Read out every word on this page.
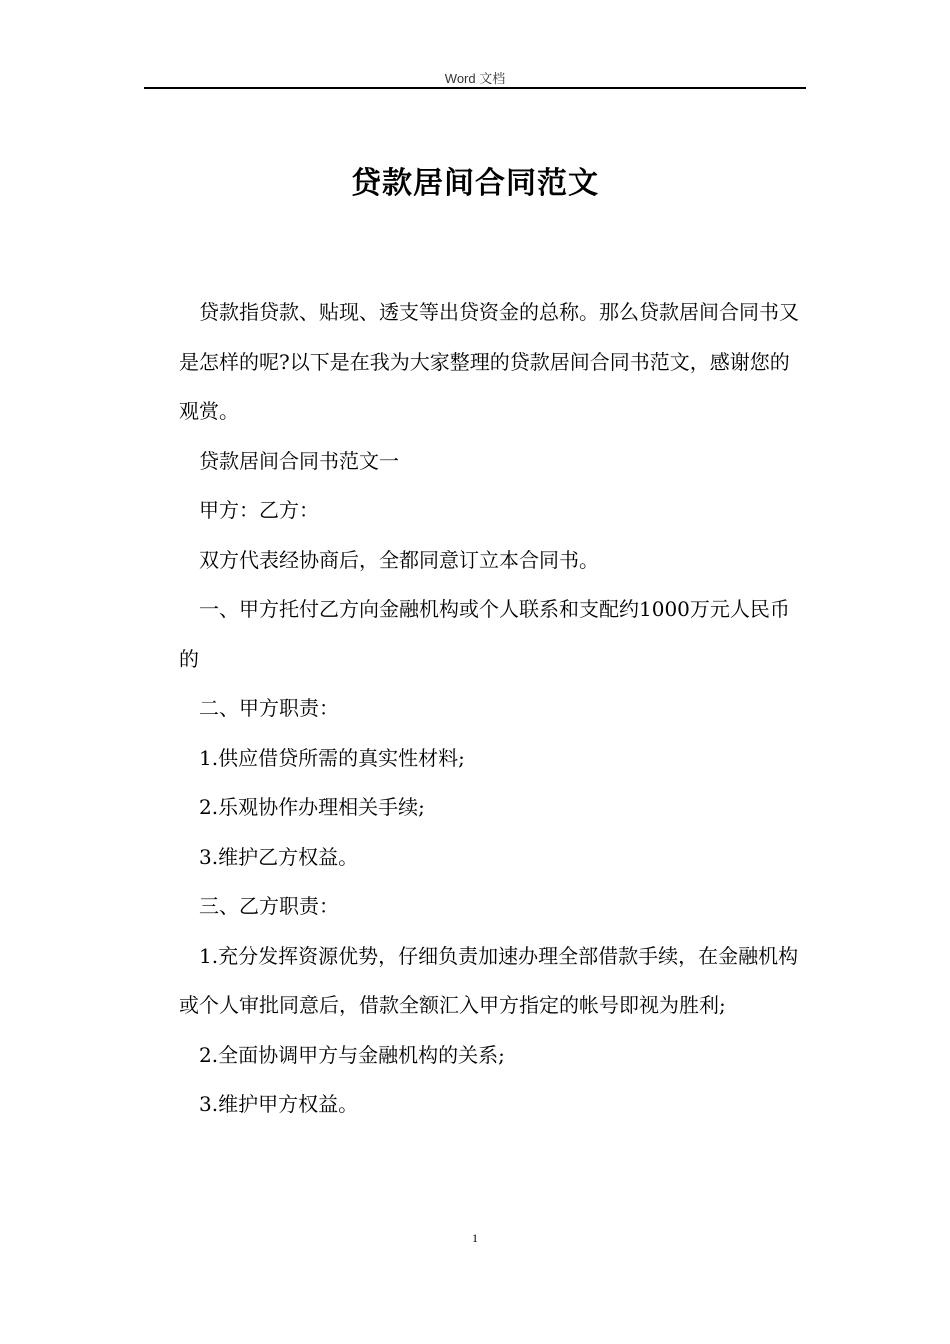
Word 文档
贷款居间合同范文

贷款指贷款、贴现、透支等出贷资金的总称。那么贷款居间合同书又是怎样的呢?以下是在我为大家整理的贷款居间合同书范文，感谢您的观赏。

贷款居间合同书范文一

甲方：乙方：

双方代表经协商后，全都同意订立本合同书。

一、甲方托付乙方向金融机构或个人联系和支配约1000万元人民币的

二、甲方职责：

1.供应借贷所需的真实性材料;

2.乐观协作办理相关手续;

3.维护乙方权益。

三、乙方职责：

1.充分发挥资源优势，仔细负责加速办理全部借款手续，在金融机构或个人审批同意后，借款全额汇入甲方指定的帐号即视为胜利;

2.全面协调甲方与金融机构的关系;

3.维护甲方权益。

1
